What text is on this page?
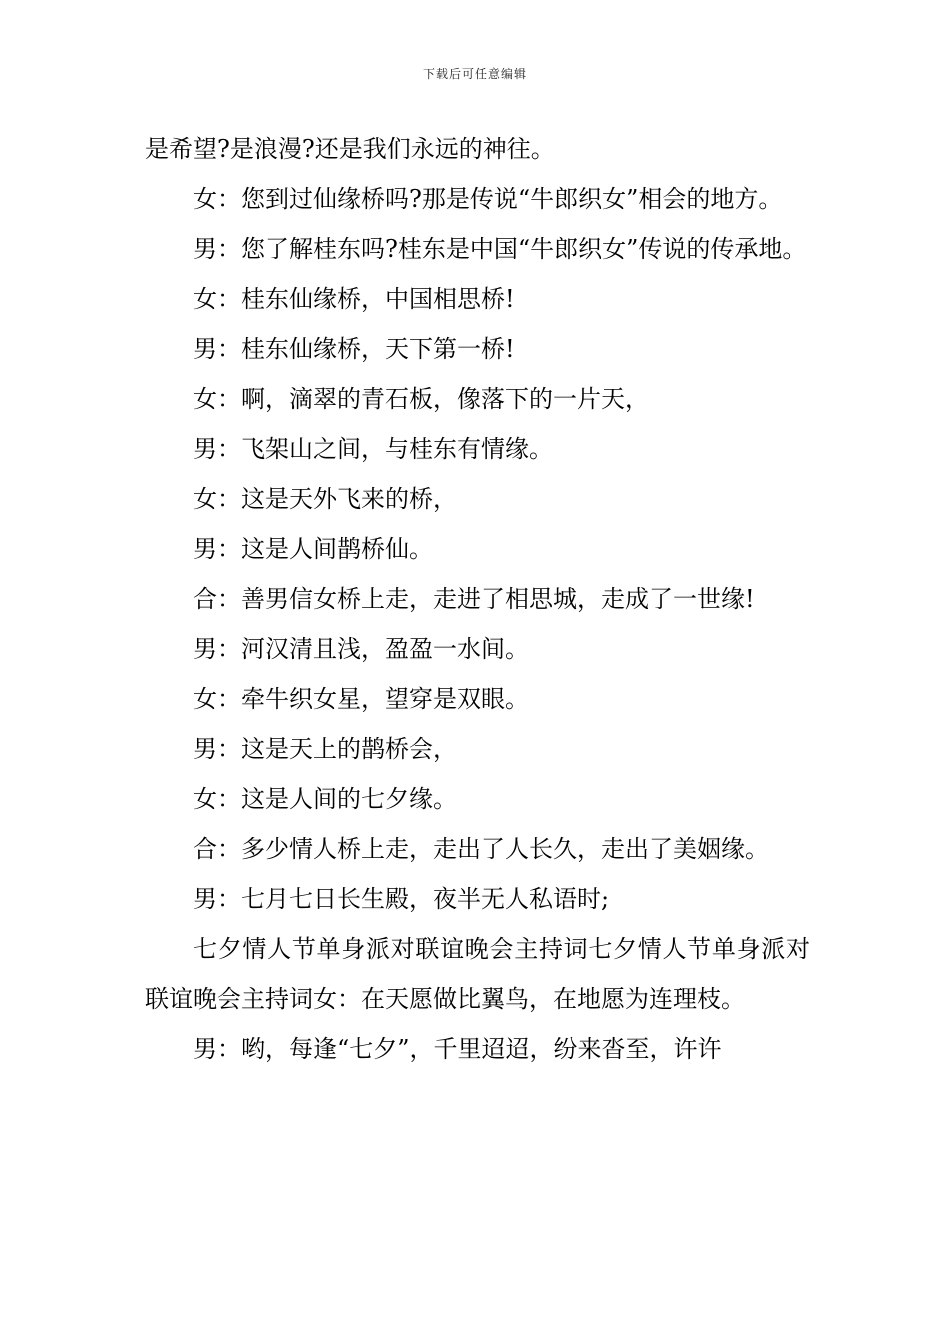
下载后可任意编辑

是希望?是浪漫?还是我们永远的神往。

女：您到过仙缘桥吗?那是传说“牛郎织女”相会的地方。

男：您了解桂东吗?桂东是中国“牛郎织女”传说的传承地。

女：桂东仙缘桥，中国相思桥!

男：桂东仙缘桥，天下第一桥!

女：啊，滴翠的青石板，像落下的一片天，

男：飞架山之间，与桂东有情缘。

女：这是天外飞来的桥，

男：这是人间鹊桥仙。

合：善男信女桥上走，走进了相思城，走成了一世缘!

男：河汉清且浅，盈盈一水间。

女：牵牛织女星，望穿是双眼。

男：这是天上的鹊桥会，

女：这是人间的七夕缘。

合：多少情人桥上走，走出了人长久，走出了美姻缘。

男：七月七日长生殿，夜半无人私语时;

七夕情人节单身派对联谊晚会主持词七夕情人节单身派对联谊晚会主持词女：在天愿做比翼鸟，在地愿为连理枝。

男：哟，每逢“七夕”，千里迢迢，纷来沓至，许许
